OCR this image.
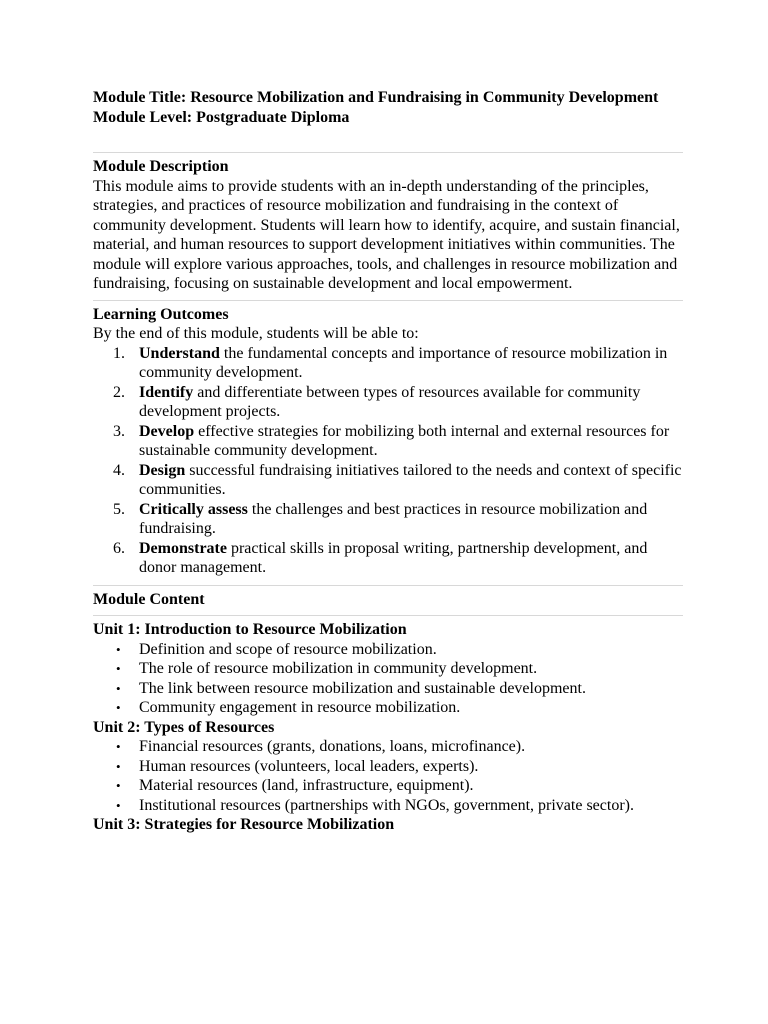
Module Title: Resource Mobilization and Fundraising in Community Development

Module Level: Postgraduate Diploma

Module Description

This module aims to provide students with an in-depth understanding of the principles, strategies, and practices of resource mobilization and fundraising in the context of community development. Students will learn how to identify, acquire, and sustain financial, material, and human resources to support development initiatives within communities. The module will explore various approaches, tools, and challenges in resource mobilization and fundraising, focusing on sustainable development and local empowerment.

Learning Outcomes

By the end of this module, students will be able to:

1. Understand the fundamental concepts and importance of resource mobilization in community development.
2. Identify and differentiate between types of resources available for community development projects.
3. Develop effective strategies for mobilizing both internal and external resources for sustainable community development.
4. Design successful fundraising initiatives tailored to the needs and context of specific communities.
5. Critically assess the challenges and best practices in resource mobilization and fundraising.
6. Demonstrate practical skills in proposal writing, partnership development, and donor management.

Module Content

Unit 1: Introduction to Resource Mobilization

• Definition and scope of resource mobilization.
• The role of resource mobilization in community development.
• The link between resource mobilization and sustainable development.
• Community engagement in resource mobilization.

Unit 2: Types of Resources

• Financial resources (grants, donations, loans, microfinance).
• Human resources (volunteers, local leaders, experts).
• Material resources (land, infrastructure, equipment).
• Institutional resources (partnerships with NGOs, government, private sector).

Unit 3: Strategies for Resource Mobilization
